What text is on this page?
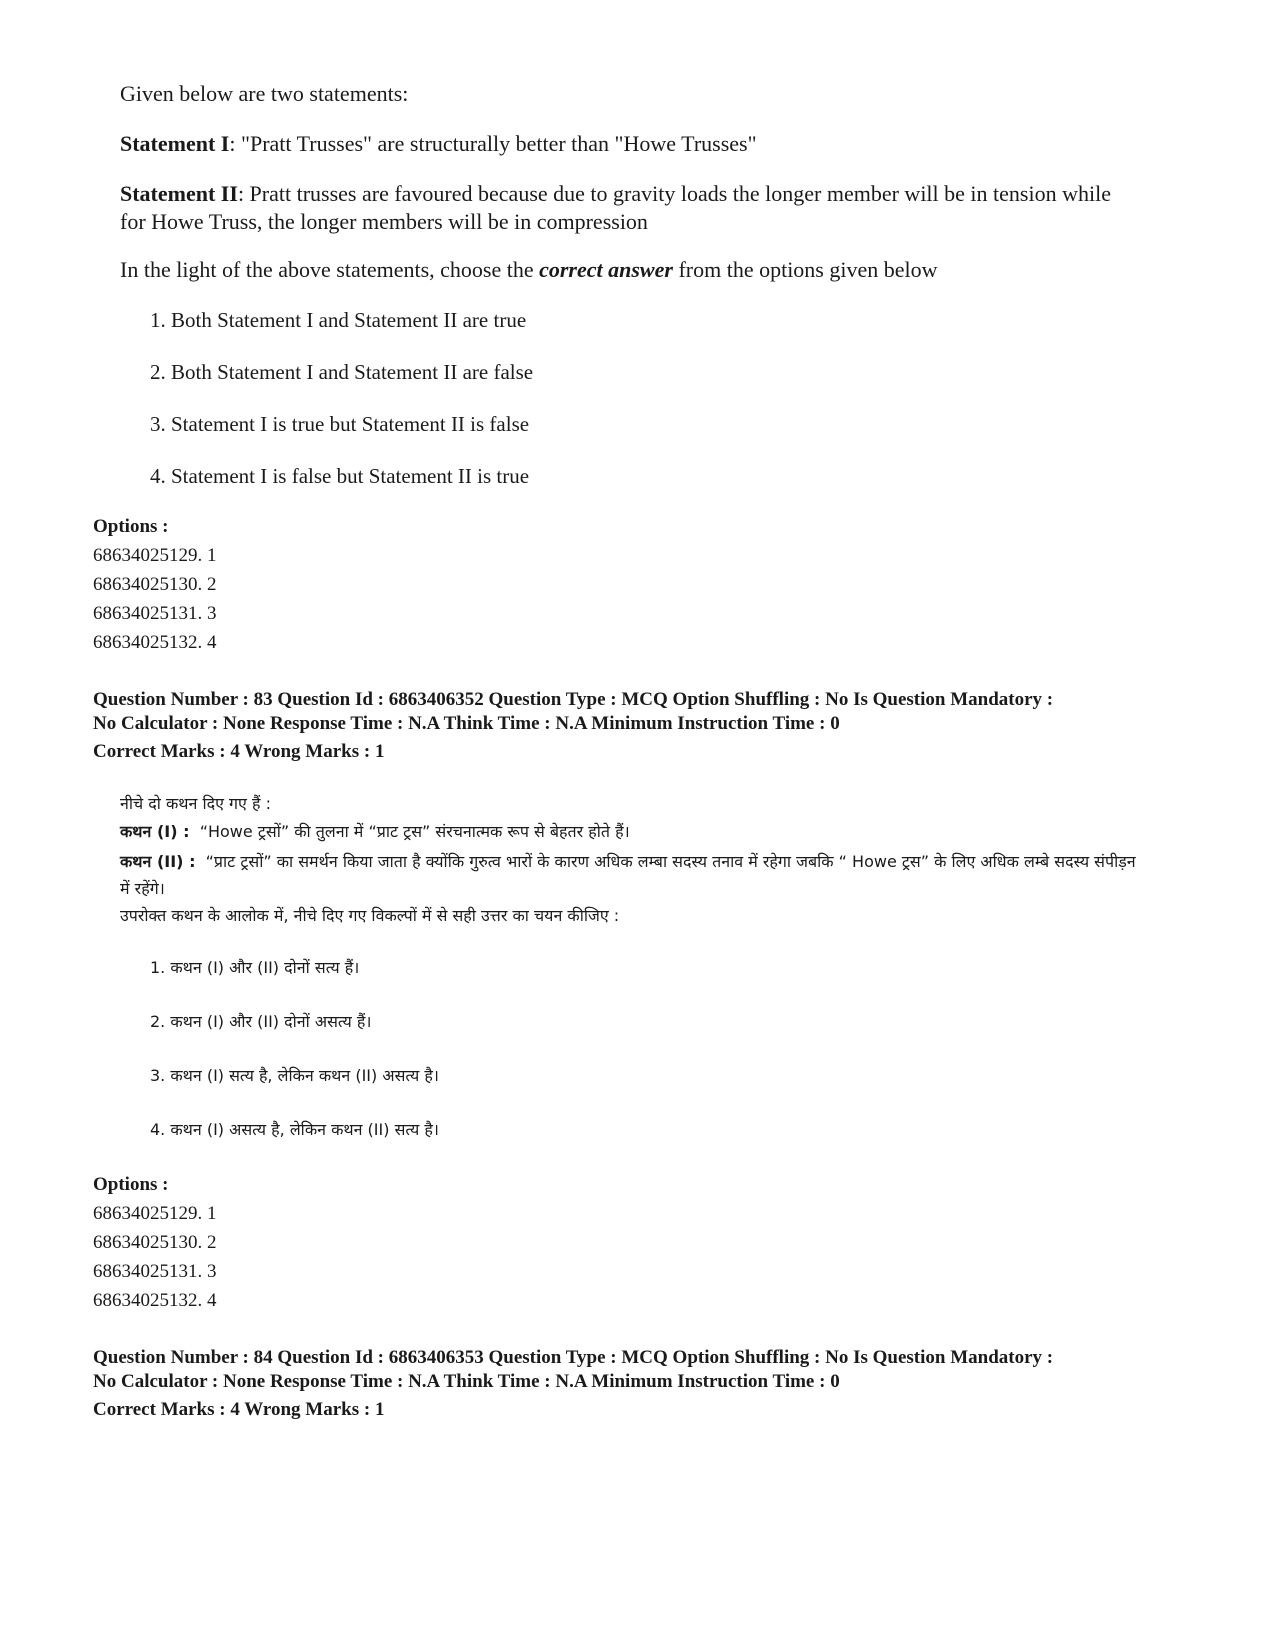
Given below are two statements:
Statement I: "Pratt Trusses" are structurally better than "Howe Trusses"
Statement II: Pratt trusses are favoured because due to gravity loads the longer member will be in tension while for Howe Truss, the longer members will be in compression
In the light of the above statements, choose the correct answer from the options given below
1. Both Statement I and Statement II are true
2. Both Statement I and Statement II are false
3. Statement I is true but Statement II is false
4. Statement I is false but Statement II is true
Options :
68634025129. 1
68634025130. 2
68634025131. 3
68634025132. 4
Question Number : 83 Question Id : 6863406352 Question Type : MCQ Option Shuffling : No Is Question Mandatory :
No Calculator : None Response Time : N.A Think Time : N.A Minimum Instruction Time : 0
Correct Marks : 4 Wrong Marks : 1
नीचे दो कथन दिए गए हैं :
कथन (I) : “Howe ट्रसों” की तुलना में “प्राट ट्रस” संरचनात्मक रूप से बेहतर होते हैं।
कथन (II) : “प्राट ट्रसों” का समर्थन किया जाता है क्योंकि गुरुत्व भारों के कारण अधिक लम्बा सदस्य तनाव में रहेगा जबकि “ Howe ट्रस” के लिए अधिक लम्बे सदस्य संपीड़न में रहेंगे।
उपरोक्त कथन के आलोक में, नीचे दिए गए विकल्पों में से सही उत्तर का चयन कीजिए :
1. कथन (I) और (II) दोनों सत्य हैं।
2. कथन (I) और (II) दोनों असत्य हैं।
3. कथन (I) सत्य है, लेकिन कथन (II) असत्य है।
4. कथन (I) असत्य है, लेकिन कथन (II) सत्य है।
Options :
68634025129. 1
68634025130. 2
68634025131. 3
68634025132. 4
Question Number : 84 Question Id : 6863406353 Question Type : MCQ Option Shuffling : No Is Question Mandatory :
No Calculator : None Response Time : N.A Think Time : N.A Minimum Instruction Time : 0
Correct Marks : 4 Wrong Marks : 1
